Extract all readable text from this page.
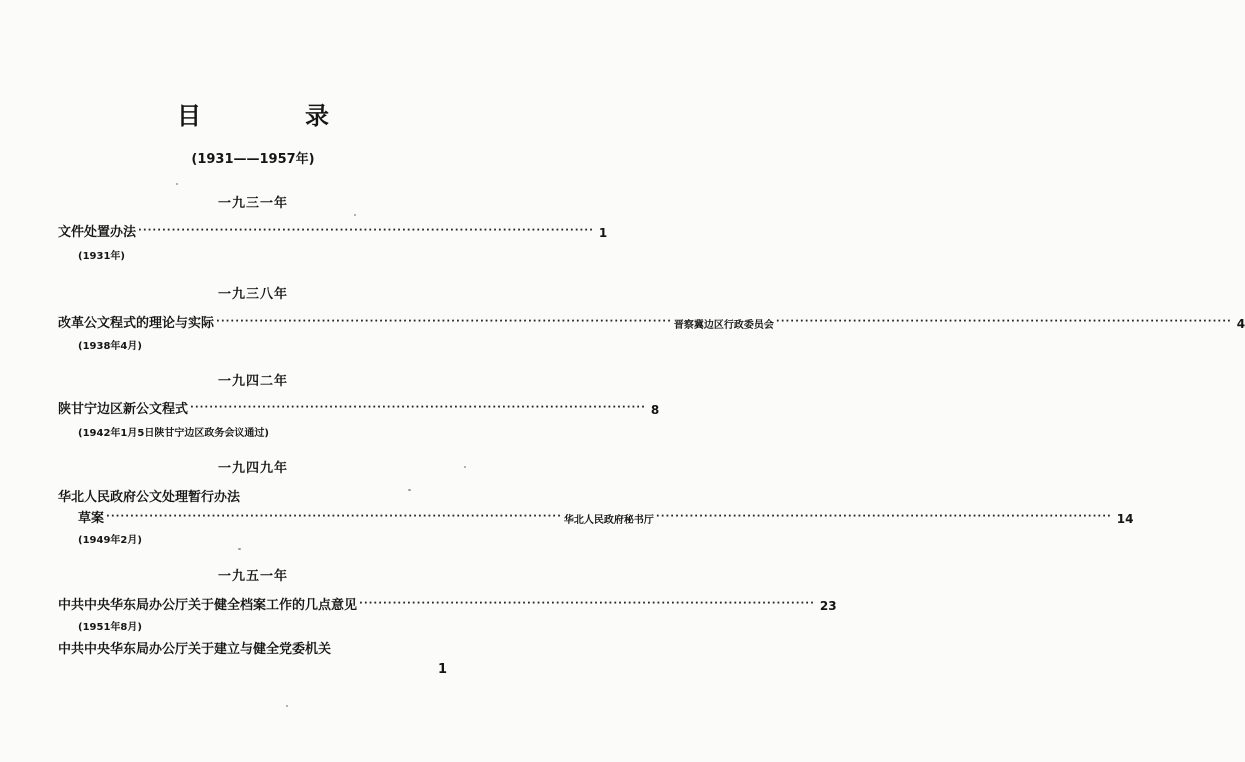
目　录
(1931——1957年)
一九三一年
文件处置办法 ······························································································· 1
(1931年)
一九三八年
改革公文程式的理论与实际 ······························································································· 晋察冀边区行政委员会 ······························································································· 4
(1938年4月)
一九四二年
陕甘宁边区新公文程式 ······························································································· 8
(1942年1月5日陕甘宁边区政务会议通过)
一九四九年
华北人民政府公文处理暂行办法
草案 ······························································································· 华北人民政府秘书厅 ······························································································· 14
(1949年2月)
一九五一年
中共中央华东局办公厅关于健全档案工作的几点意见 ······························································································· 23
(1951年8月)
中共中央华东局办公厅关于建立与健全党委机关
1
